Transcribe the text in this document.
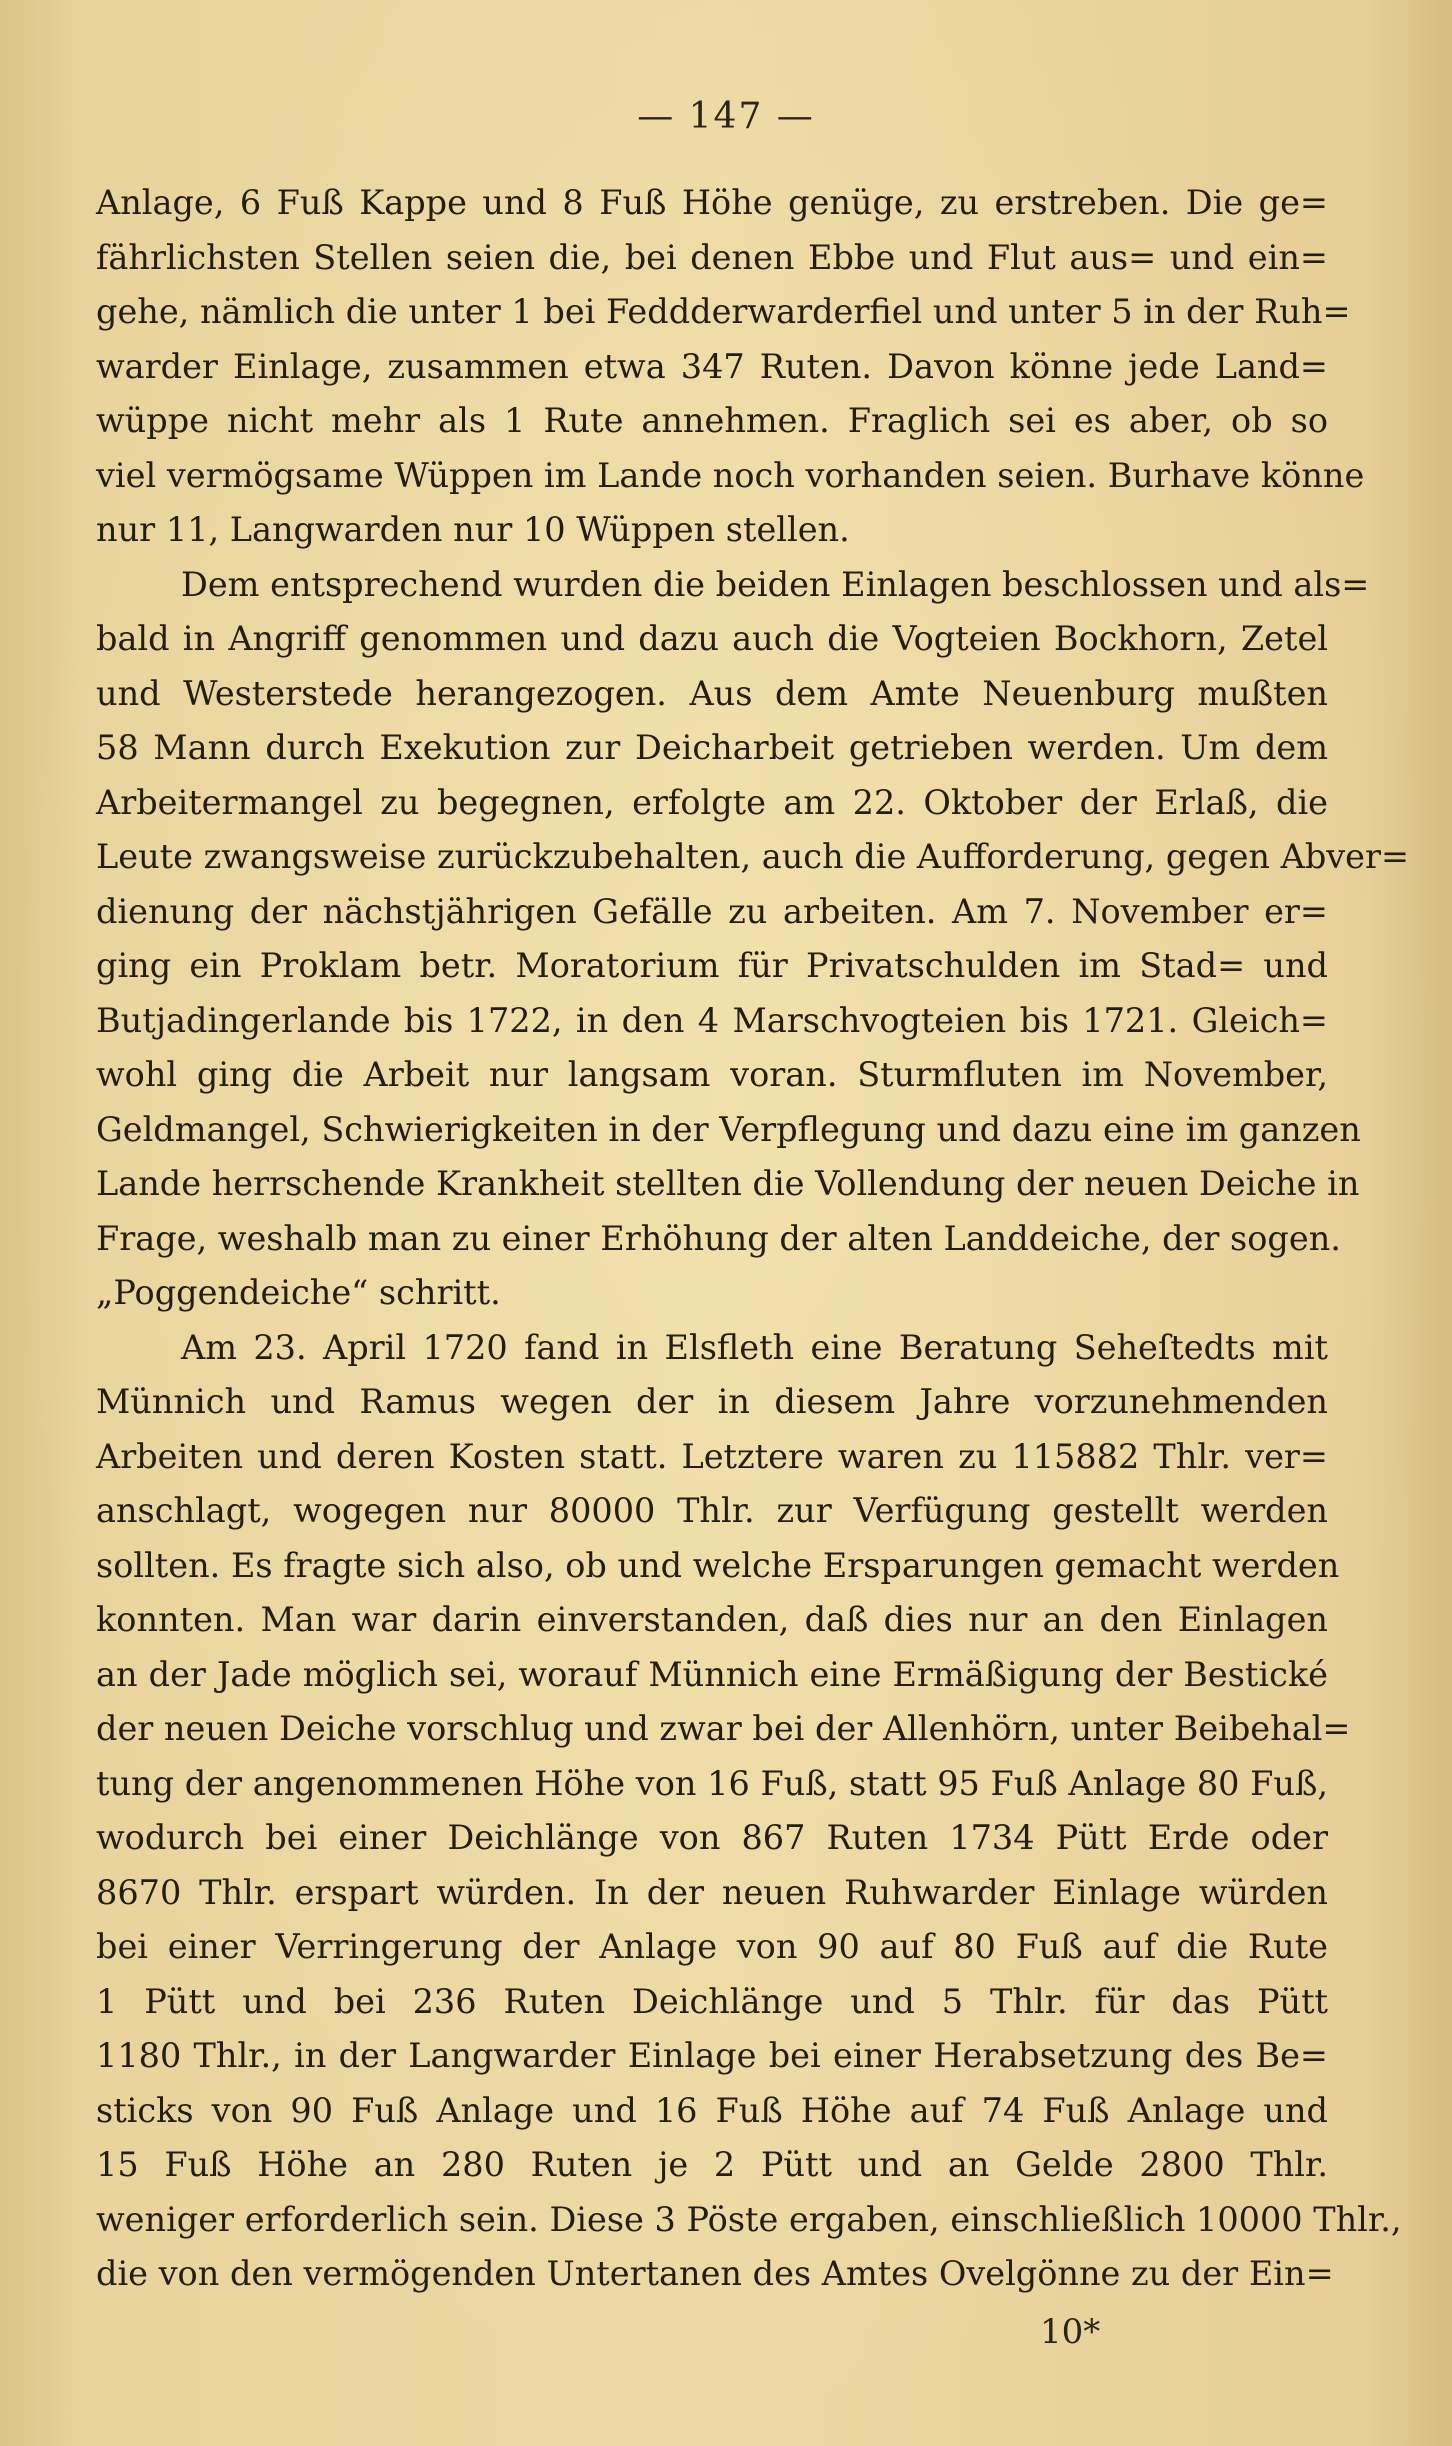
— 147 —
Anlage, 6 Fuß Kappe und 8 Fuß Höhe genüge, zu erstreben. Die ge=
fährlichsten Stellen seien die, bei denen Ebbe und Flut aus= und ein=
gehe, nämlich die unter 1 bei Feddderwarderfiel und unter 5 in der Ruh=
warder Einlage, zusammen etwa 347 Ruten. Davon könne jede Land=
wüppe nicht mehr als 1 Rute annehmen. Fraglich sei es aber, ob so
viel vermögsame Wüppen im Lande noch vorhanden seien. Burhave könne
nur 11, Langwarden nur 10 Wüppen stellen.
Dem entsprechend wurden die beiden Einlagen beschlossen und als=
bald in Angriff genommen und dazu auch die Vogteien Bockhorn, Zetel
und Westerstede herangezogen. Aus dem Amte Neuenburg mußten
58 Mann durch Exekution zur Deicharbeit getrieben werden. Um dem
Arbeitermangel zu begegnen, erfolgte am 22. Oktober der Erlaß, die
Leute zwangsweise zurückzubehalten, auch die Aufforderung, gegen Abver=
dienung der nächstjährigen Gefälle zu arbeiten. Am 7. November er=
ging ein Proklam betr. Moratorium für Privatschulden im Stad= und
Butjadingerlande bis 1722, in den 4 Marschvogteien bis 1721. Gleich=
wohl ging die Arbeit nur langsam voran. Sturmfluten im November,
Geldmangel, Schwierigkeiten in der Verpflegung und dazu eine im ganzen
Lande herrschende Krankheit stellten die Vollendung der neuen Deiche in
Frage, weshalb man zu einer Erhöhung der alten Landdeiche, der sogen.
„Poggendeiche“ schritt.
Am 23. April 1720 fand in Elsfleth eine Beratung Seheſtedts mit
Münnich und Ramus wegen der in diesem Jahre vorzunehmenden
Arbeiten und deren Kosten statt. Letztere waren zu 115882 Thlr. ver=
anschlagt, wogegen nur 80000 Thlr. zur Verfügung gestellt werden
sollten. Es fragte sich also, ob und welche Ersparungen gemacht werden
konnten. Man war darin einverstanden, daß dies nur an den Einlagen
an der Jade möglich sei, worauf Münnich eine Ermäßigung der Bestické
der neuen Deiche vorschlug und zwar bei der Allenhörn, unter Beibehal=
tung der angenommenen Höhe von 16 Fuß, statt 95 Fuß Anlage 80 Fuß,
wodurch bei einer Deichlänge von 867 Ruten 1734 Pütt Erde oder
8670 Thlr. erspart würden. In der neuen Ruhwarder Einlage würden
bei einer Verringerung der Anlage von 90 auf 80 Fuß auf die Rute
1 Pütt und bei 236 Ruten Deichlänge und 5 Thlr. für das Pütt
1180 Thlr., in der Langwarder Einlage bei einer Herabsetzung des Be=
sticks von 90 Fuß Anlage und 16 Fuß Höhe auf 74 Fuß Anlage und
15 Fuß Höhe an 280 Ruten je 2 Pütt und an Gelde 2800 Thlr.
weniger erforderlich sein. Diese 3 Pöste ergaben, einschließlich 10000 Thlr.,
die von den vermögenden Untertanen des Amtes Ovelgönne zu der Ein=
10*
